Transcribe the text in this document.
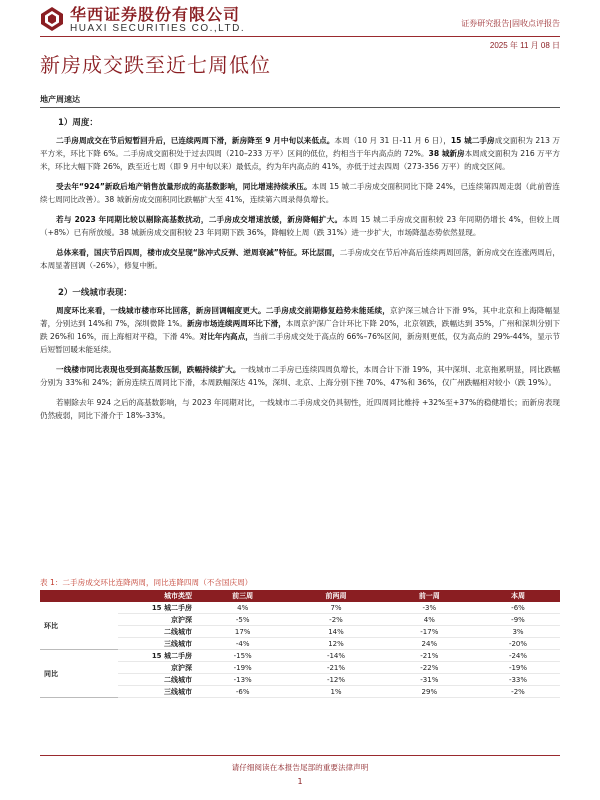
华西证券股份有限公司
HUAXI SECURITIES CO.,LTD.	证券研究报告|固收点评报告
2025 年 11 月 08 日
新房成交跌至近七周低位
地产周速达
1）周度：

二手房周成交在节后短暂回升后，已连续两周下滑，新房降至 9 月中旬以来低点。本周（10 月 31 日-11 月 6 日），15 城二手房成交面积为 213 万平方米，环比下降 6%。二手房成交面积处于过去四周（210–233 万平）区间的低位，约相当于年内高点的 72%。38 城新房本周成交面积为 216 万平方米，环比大幅下降 26%，跌至近七周（即 9 月中旬以来）最低点，约为年内高点的 41%，亦低于过去四周（273-356 万平）的成交区间。

受去年“924”新政后地产销售放量形成的高基数影响，同比增速持续承压。本周 15 城二手房成交面积同比下降 24%，已连续第四周走弱（此前曾连续七周同比改善）。38 城新房成交面积同比跌幅扩大至 41%，连续第六周录得负增长。

若与 2023 年同期比较以剔除高基数扰动，二手房成交增速放缓，新房降幅扩大。本周 15 城二手房成交面积较 23 年同期仍增长 4%，但较上周（+8%）已有所放缓。38 城新房成交面积较 23 年同期下跌 36%，降幅较上周（跌 31%）进一步扩大，市场降温态势依然显现。

总体来看，国庆节后四周，楼市成交呈现“脉冲式反弹、逆周衰减”特征。环比层面，二手房成交在节后冲高后连续两周回落，新房成交在连涨两周后，本周显著回调（-26%），修复中断。

2）一线城市表现：

周度环比来看，一线城市楼市环比回落，新房回调幅度更大。二手房成交前期修复趋势未能延续，京沪深三城合计下滑 9%，其中北京和上海降幅显著，分别达到 14%和 7%，深圳微降 1%。新房市场连续两周环比下滑，本周京沪深广合计环比下降 20%，北京领跌，跌幅达到 35%，广州和深圳分别下跌 26%和 16%，而上海相对平稳，下滑 4%。对比年内高点，当前二手房成交处于高点的 66%–76%区间，新房则更低，仅为高点的 29%-44%，显示节后短暂回暖未能延续。

一线楼市同比表现也受到高基数压制，跌幅持续扩大。一线城市二手房已连续四周负增长，本周合计下滑 19%，其中深圳、北京拖累明显，同比跌幅分别为 33%和 24%；新房连续五周同比下滑，本周跌幅深达 41%，深圳、北京、上海分别下挫 70%、47%和 36%，仅广州跌幅相对较小（跌 19%）。

若剔除去年 924 之后的高基数影响，与 2023 年同期对比，一线城市二手房成交仍具韧性，近四周同比维持 +32%至+37%的稳健增长；而新房表现仍然疲弱，同比下滑介于 18%-33%。

表 1：二手房成交环比连降两周，同比连降四周（不含国庆周）
	城市类型	前三周	前两周	前一周	本周
环比	15 城二手房	4%	7%	-3%	-6%
	京沪深	-5%	-2%	4%	-9%
	二线城市	17%	14%	-17%	3%
	三线城市	-4%	12%	24%	-20%
同比	15 城二手房	-15%	-14%	-21%	-24%
	京沪深	-19%	-21%	-22%	-19%
	二线城市	-13%	-12%	-31%	-33%
	三线城市	-6%	1%	29%	-2%
请仔细阅读在本报告尾部的重要法律声明
1
